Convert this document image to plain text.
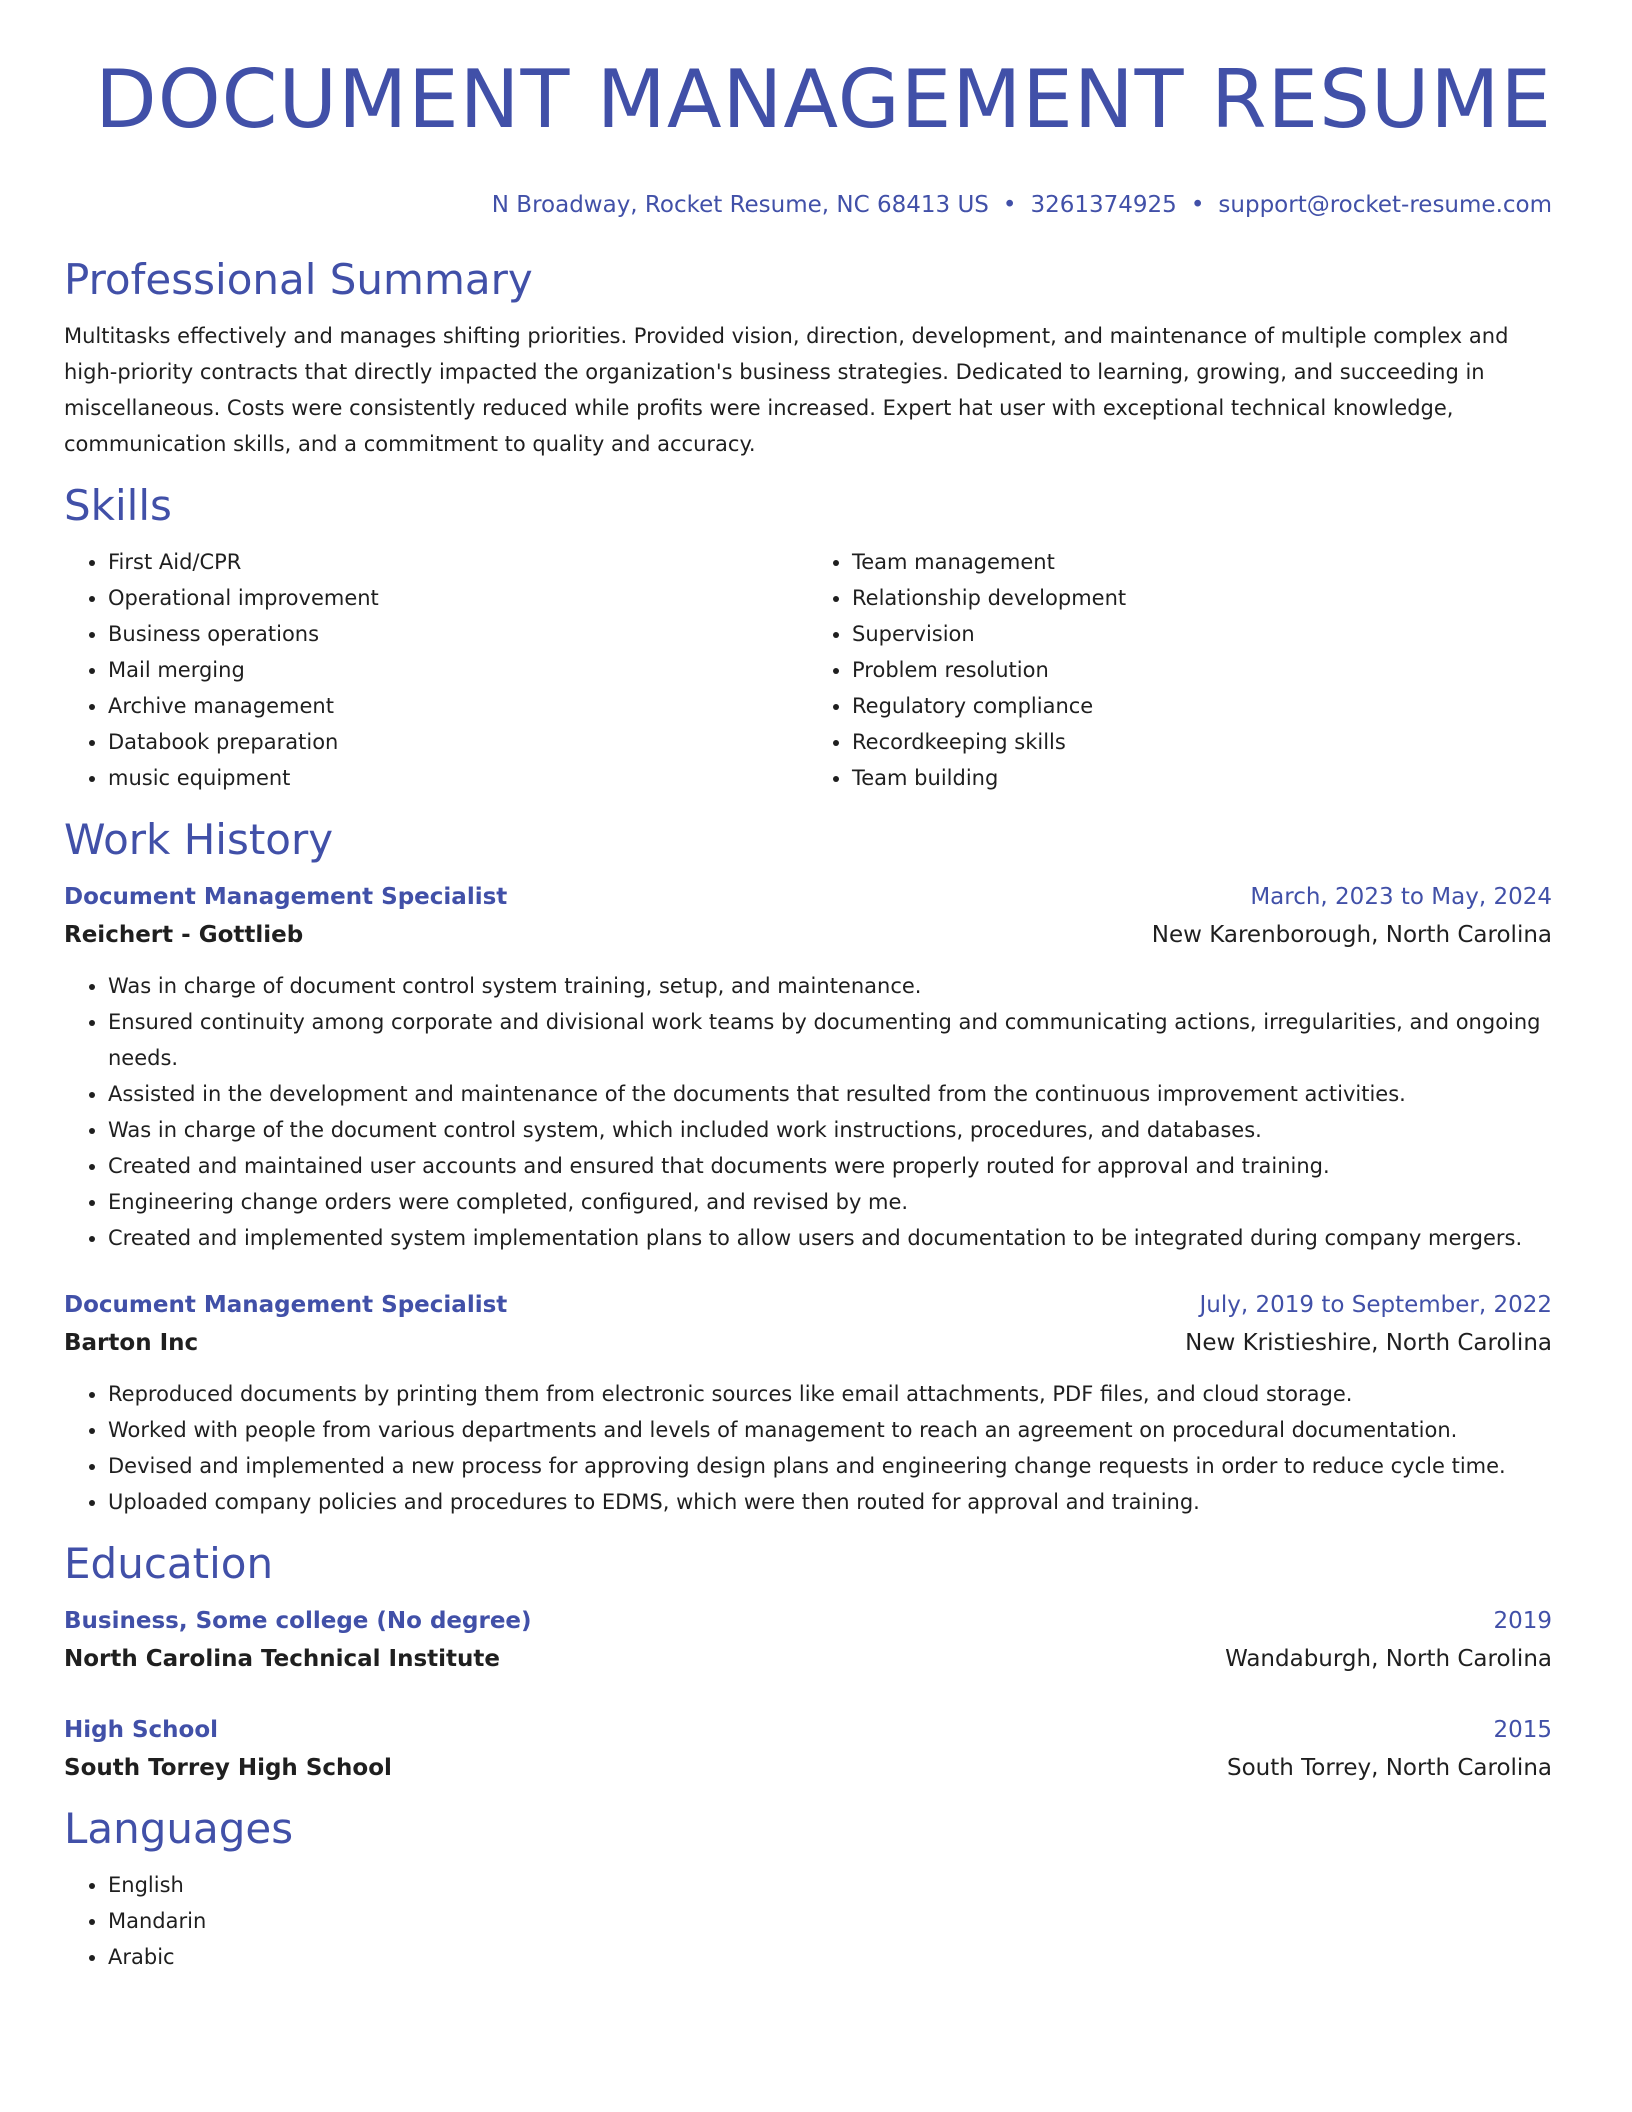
DOCUMENT MANAGEMENT RESUME
N Broadway, Rocket Resume, NC 68413 US • 3261374925 • support@rocket-resume.com
Professional Summary

Multitasks effectively and manages shifting priorities. Provided vision, direction, development, and maintenance of multiple complex and high-priority contracts that directly impacted the organization's business strategies. Dedicated to learning, growing, and succeeding in miscellaneous. Costs were consistently reduced while profits were increased. Expert hat user with exceptional technical knowledge, communication skills, and a commitment to quality and accuracy.

Skills
• First Aid/CPR
• Operational improvement
• Business operations
• Mail merging
• Archive management
• Databook preparation
• music equipment
• Team management
• Relationship development
• Supervision
• Problem resolution
• Regulatory compliance
• Recordkeeping skills
• Team building
Work History
Document Management Specialist	March, 2023 to May, 2024
Reichert - Gottlieb	New Karenborough, North Carolina
• Was in charge of document control system training, setup, and maintenance.
• Ensured continuity among corporate and divisional work teams by documenting and communicating actions, irregularities, and ongoing needs.
• Assisted in the development and maintenance of the documents that resulted from the continuous improvement activities.
• Was in charge of the document control system, which included work instructions, procedures, and databases.
• Created and maintained user accounts and ensured that documents were properly routed for approval and training.
• Engineering change orders were completed, configured, and revised by me.
• Created and implemented system implementation plans to allow users and documentation to be integrated during company mergers.
Document Management Specialist	July, 2019 to September, 2022
Barton Inc	New Kristieshire, North Carolina
• Reproduced documents by printing them from electronic sources like email attachments, PDF files, and cloud storage.
• Worked with people from various departments and levels of management to reach an agreement on procedural documentation.
• Devised and implemented a new process for approving design plans and engineering change requests in order to reduce cycle time.
• Uploaded company policies and procedures to EDMS, which were then routed for approval and training.
Education
Business, Some college (No degree)	2019
North Carolina Technical Institute	Wandaburgh, North Carolina
High School	2015
South Torrey High School	South Torrey, North Carolina
Languages
• English
• Mandarin
• Arabic
